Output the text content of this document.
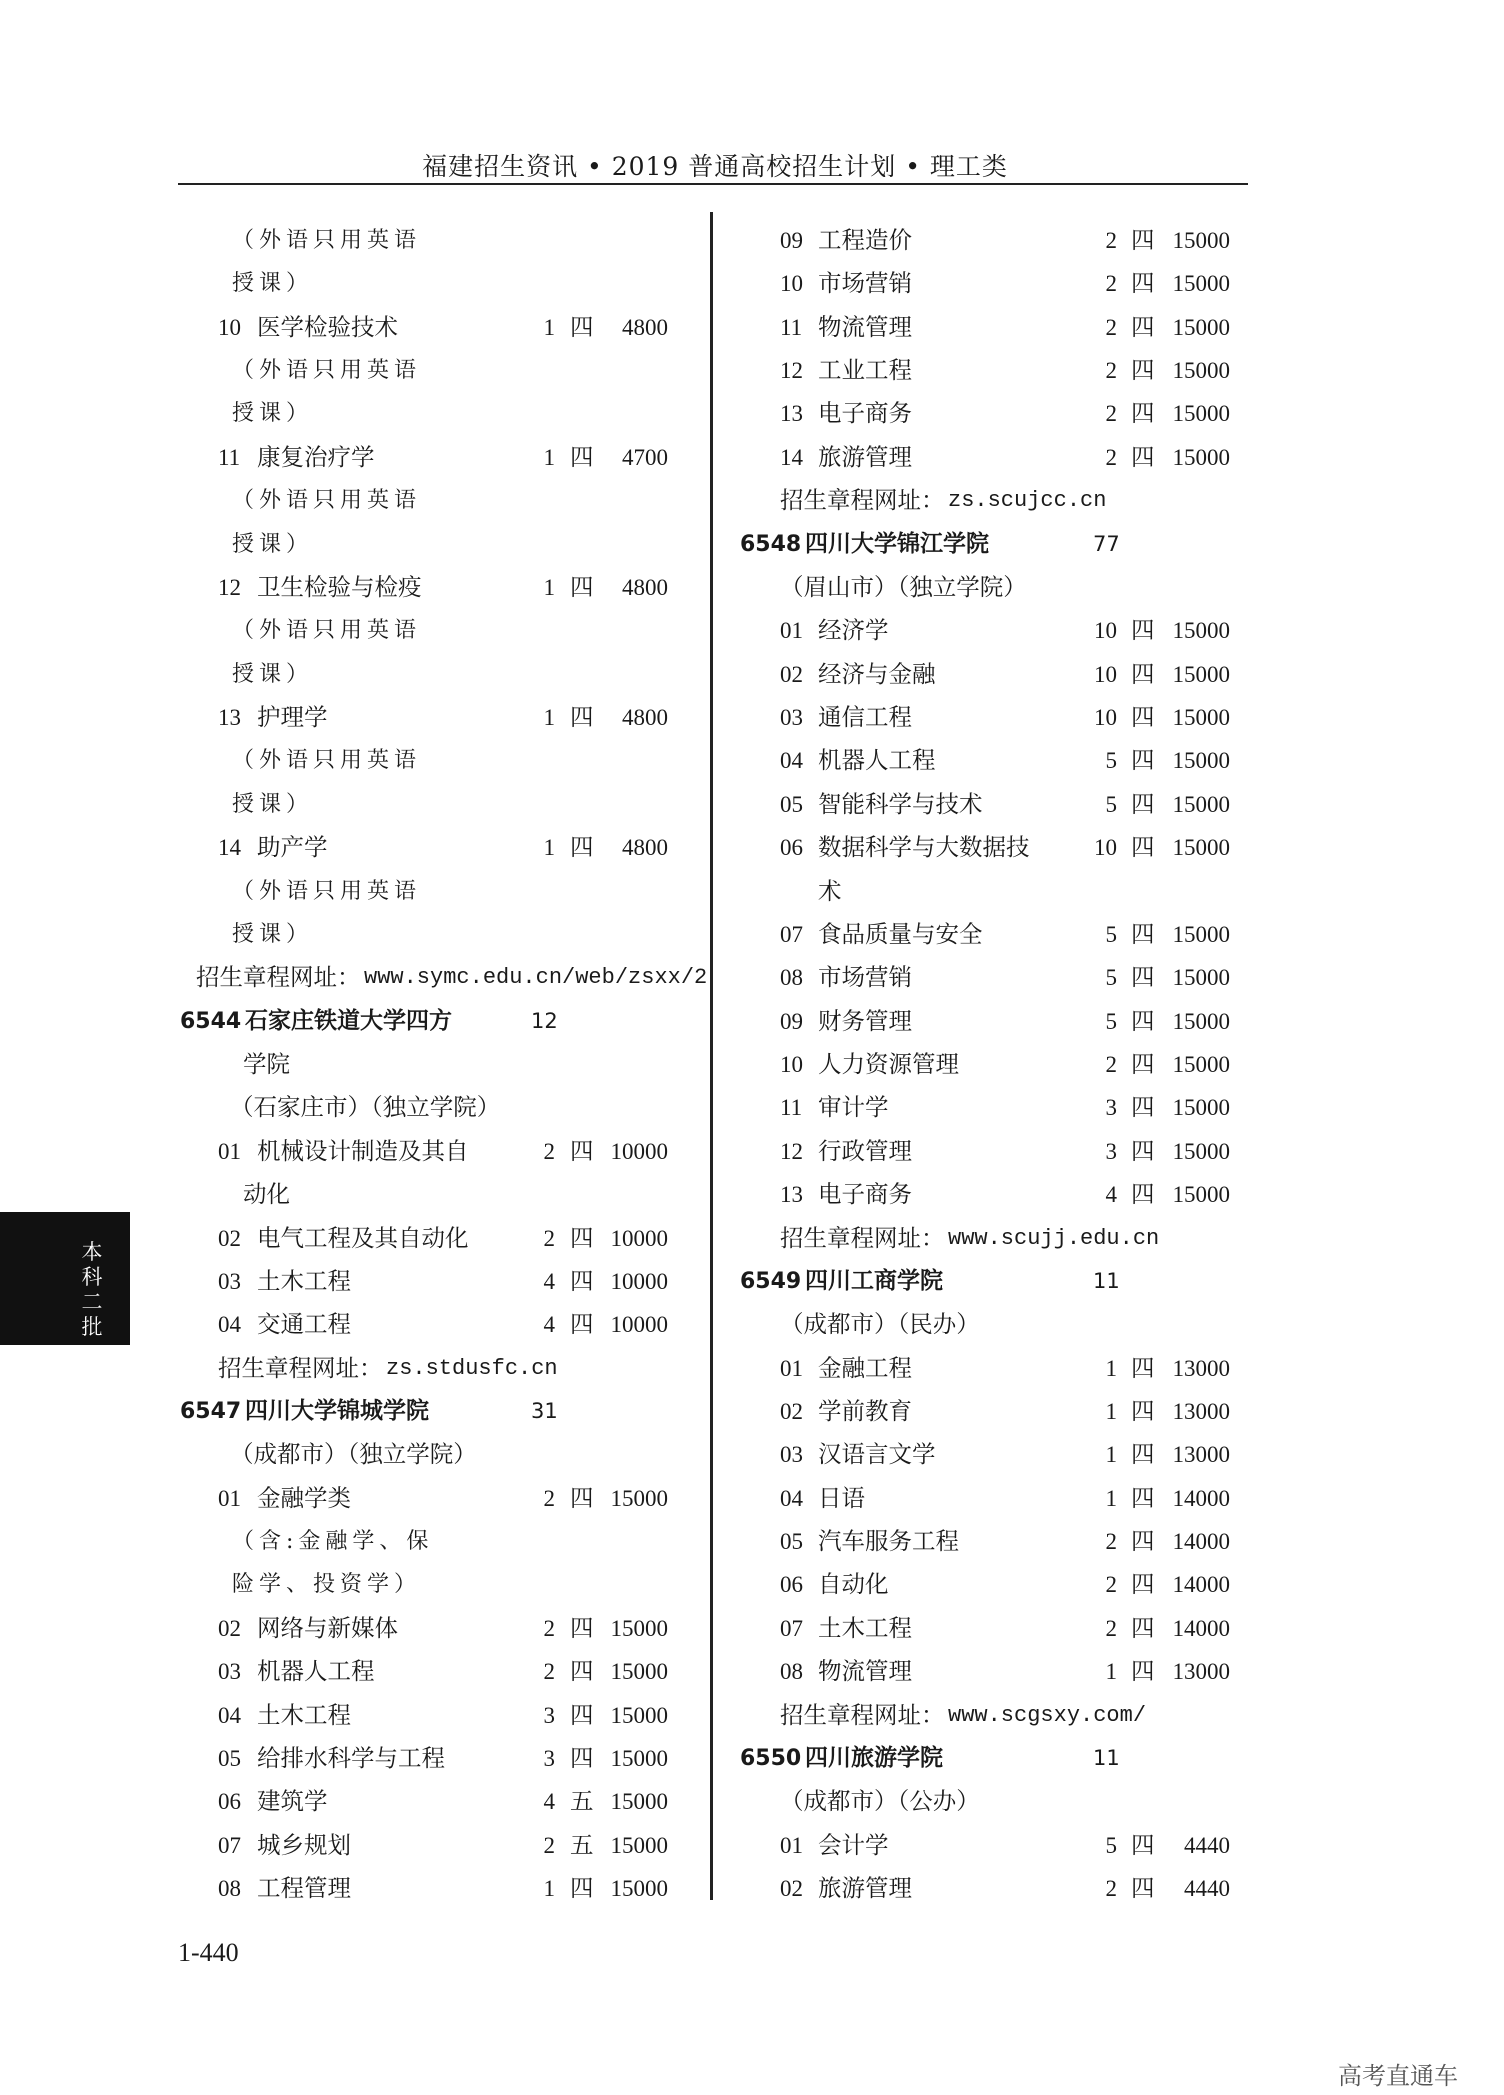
福建招生资讯 • 2019 普通高校招生计划 • 理工类
（外语只用英语
授课）
10 医学检验技术	1 四	4800
（外语只用英语
授课）
11 康复治疗学	1 四	4700
（外语只用英语
授课）
12 卫生检验与检疫	1 四	4800
（外语只用英语
授课）
13 护理学	1 四	4800
（外语只用英语
授课）
14 助产学	1 四	4800
（外语只用英语
授课）
招生章程网址： www.symc.edu.cn/web/zsxx/2
6544 石家庄铁道大学四方	12
学院
（石家庄市）（独立学院）
01 机械设计制造及其自	2 四 10000
动化
02 电气工程及其自动化	2 四 10000
03 土木工程	4 四 10000
04 交通工程	4 四 10000
招生章程网址： zs.stdusfc.cn
6547 四川大学锦城学院	31
（成都市）（独立学院）
01 金融学类	2 四 15000
（含:金融学、保
险学、投资学）
02 网络与新媒体	2 四 15000
03 机器人工程	2 四 15000
04 土木工程	3 四 15000
05 给排水科学与工程	3 四 15000
06 建筑学	4 五 15000
07 城乡规划	2 五 15000
08 工程管理	1 四 15000
09 工程造价	2 四 15000
10 市场营销	2 四 15000
11 物流管理	2 四 15000
12 工业工程	2 四 15000
13 电子商务	2 四 15000
14 旅游管理	2 四 15000
招生章程网址： zs.scujcc.cn
6548 四川大学锦江学院	77
（眉山市）（独立学院）
01 经济学	10 四 15000
02 经济与金融	10 四 15000
03 通信工程	10 四 15000
04 机器人工程	5 四 15000
05 智能科学与技术	5 四 15000
06 数据科学与大数据技	10 四 15000
术
07 食品质量与安全	5 四 15000
08 市场营销	5 四 15000
09 财务管理	5 四 15000
10 人力资源管理	2 四 15000
11 审计学	3 四 15000
12 行政管理	3 四 15000
13 电子商务	4 四 15000
招生章程网址： www.scujj.edu.cn
6549 四川工商学院	11
（成都市）（民办）
01 金融工程	1 四 13000
02 学前教育	1 四 13000
03 汉语言文学	1 四 13000
04 日语	1 四 14000
05 汽车服务工程	2 四 14000
06 自动化	2 四 14000
07 土木工程	2 四 14000
08 物流管理	1 四 13000
招生章程网址： www.scgsxy.com/
6550 四川旅游学院	11
（成都市）（公办）
01 会计学	5 四	4440
02 旅游管理	2 四	4440
本科二批
1-440
高考直通车
